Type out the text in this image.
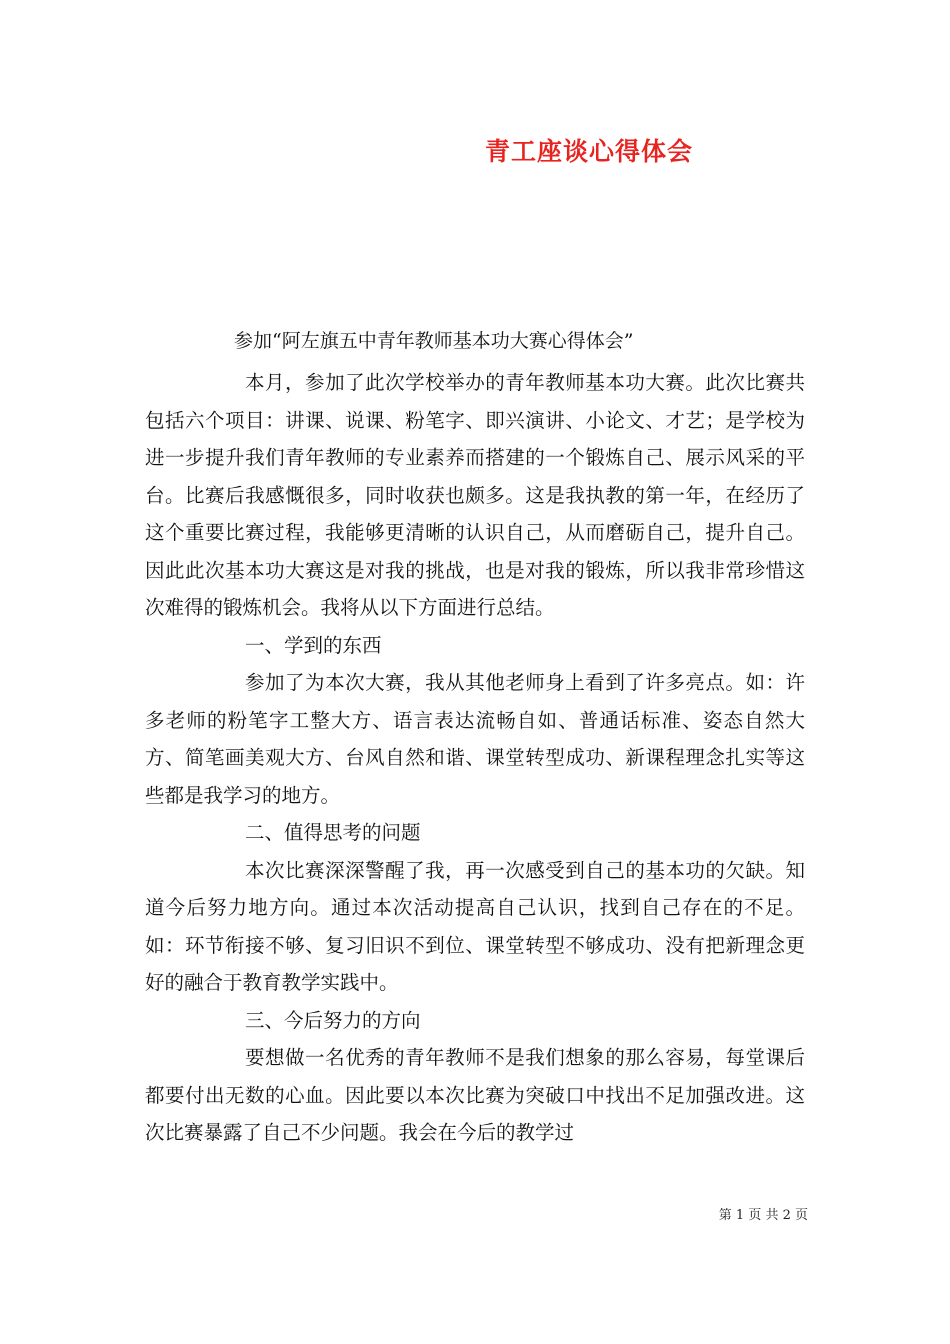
青工座谈心得体会
参加“阿左旗五中青年教师基本功大赛心得体会”

本月，参加了此次学校举办的青年教师基本功大赛。此次比赛共包括六个项目：讲课、说课、粉笔字、即兴演讲、小论文、才艺；是学校为进一步提升我们青年教师的专业素养而搭建的一个锻炼自己、展示风采的平台。比赛后我感慨很多，同时收获也颇多。这是我执教的第一年，在经历了这个重要比赛过程，我能够更清晰的认识自己，从而磨砺自己，提升自己。因此此次基本功大赛这是对我的挑战，也是对我的锻炼，所以我非常珍惜这次难得的锻炼机会。我将从以下方面进行总结。

一、学到的东西

参加了为本次大赛，我从其他老师身上看到了许多亮点。如：许多老师的粉笔字工整大方、语言表达流畅自如、普通话标准、姿态自然大方、简笔画美观大方、台风自然和谐、课堂转型成功、新课程理念扎实等这些都是我学习的地方。

二、值得思考的问题

本次比赛深深警醒了我，再一次感受到自己的基本功的欠缺。知道今后努力地方向。通过本次活动提高自己认识，找到自己存在的不足。如：环节衔接不够、复习旧识不到位、课堂转型不够成功、没有把新理念更好的融合于教育教学实践中。

三、今后努力的方向

要想做一名优秀的青年教师不是我们想象的那么容易，每堂课后都要付出无数的心血。因此要以本次比赛为突破口中找出不足加强改进。这次比赛暴露了自己不少问题。我会在今后的教学过

第 1 页 共 2 页
